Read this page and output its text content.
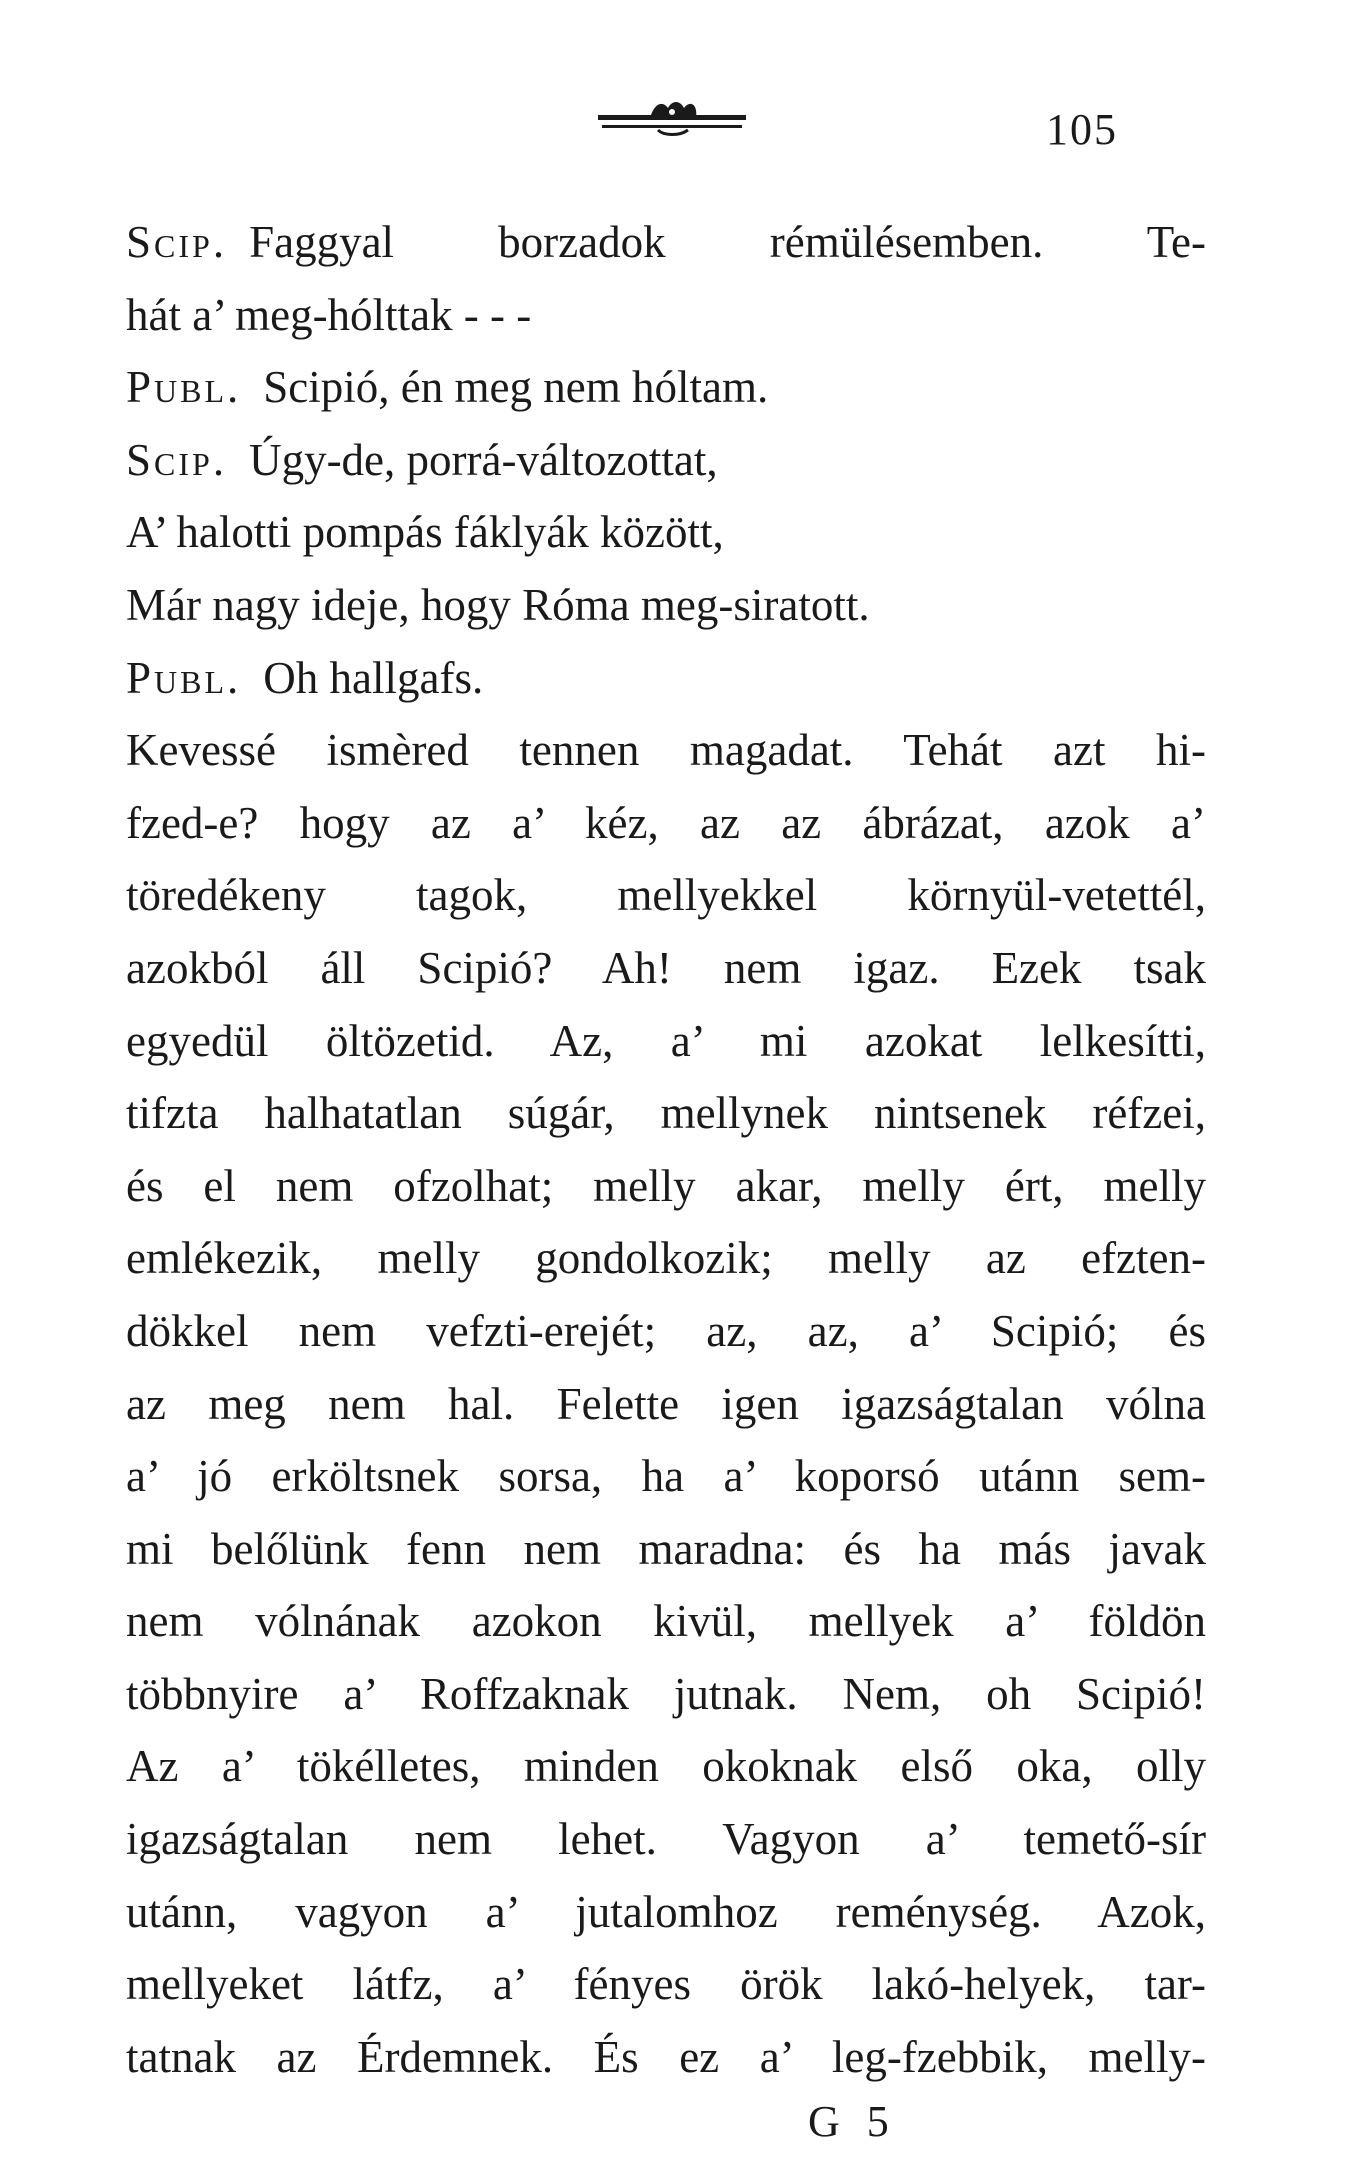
105
Scip. Faggyal borzadok rémülésemben. Te-
hát a’ meg-hólttak - - -
Publ. Scipió, én meg nem hóltam.
Scip. Úgy-de, porrá-változottat,
A’ halotti pompás fáklyák között,
Már nagy ideje, hogy Róma meg-siratott.
Publ. Oh hallgafs.
Kevessé ismèred tennen magadat. Tehát azt hi-
fzed-e? hogy az a’ kéz, az az ábrázat, azok a’
töredékeny tagok, mellyekkel környül-vetettél,
azokból áll Scipió? Ah! nem igaz. Ezek tsak
egyedül öltözetid. Az, a’ mi azokat lelkesítti,
tifzta halhatatlan súgár, mellynek nintsenek réfzei,
és el nem ofzolhat; melly akar, melly ért, melly
emlékezik, melly gondolkozik; melly az efzten-
dökkel nem vefzti-erejét; az, az, a’ Scipió; és
az meg nem hal. Felette igen igazságtalan vólna
a’ jó erköltsnek sorsa, ha a’ koporsó utánn sem-
mi belőlünk fenn nem maradna: és ha más javak
nem vólnának azokon kivül, mellyek a’ földön
többnyire a’ Roffzaknak jutnak. Nem, oh Scipió!
Az a’ tökélletes, minden okoknak első oka, olly
igazságtalan nem lehet. Vagyon a’ temető-sír
utánn, vagyon a’ jutalomhoz reménység. Azok,
mellyeket látfz, a’ fényes örök lakó-helyek, tar-
tatnak az Érdemnek. És ez a’ leg-fzebbik, melly-
G 5
